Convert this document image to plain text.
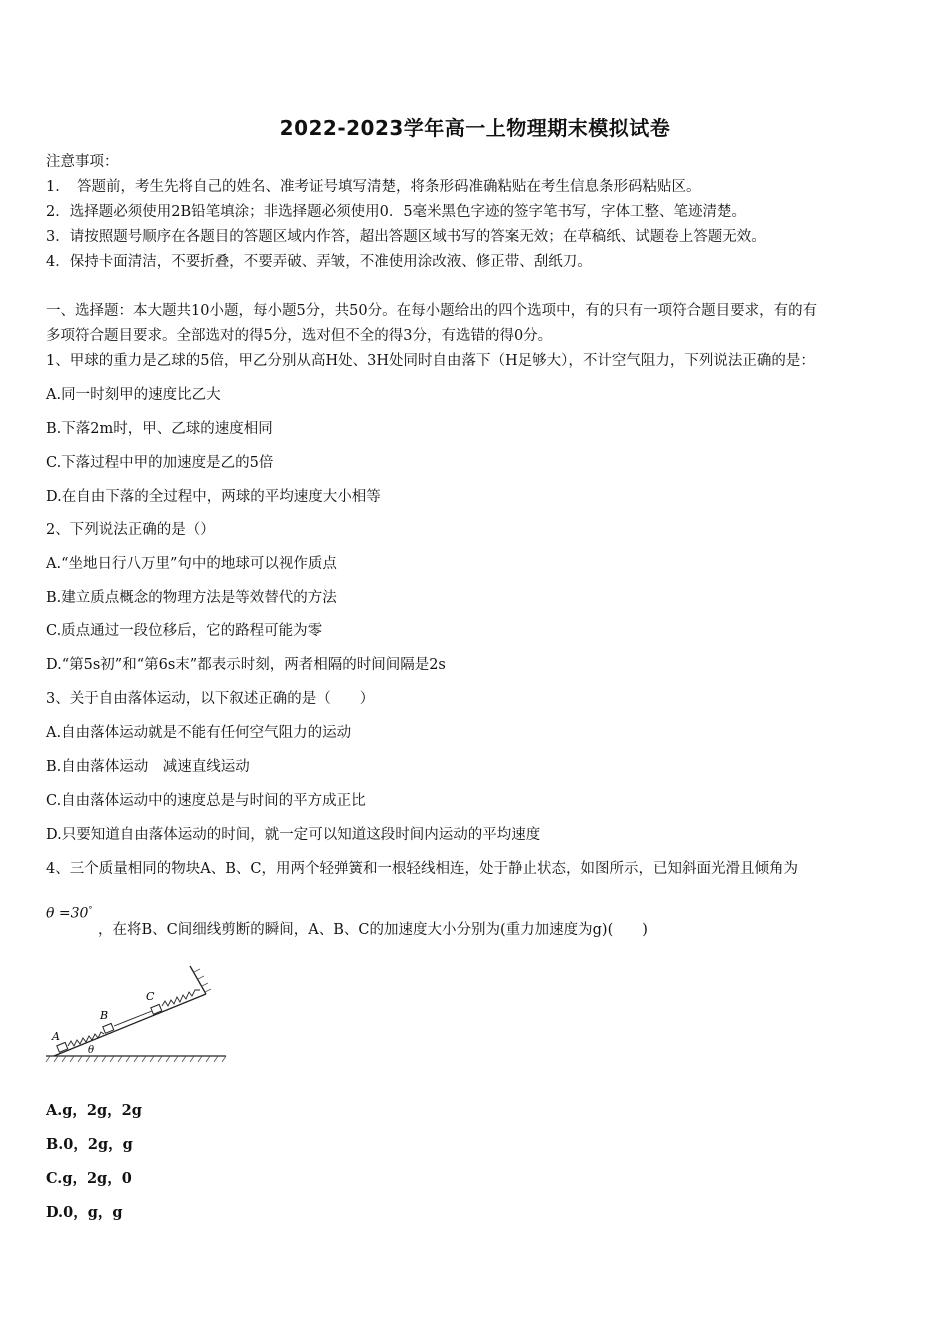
2022-2023学年高一上物理期末模拟试卷
注意事项：
1．　答题前，考生先将自己的姓名、准考证号填写清楚，将条形码准确粘贴在考生信息条形码粘贴区。
2．选择题必须使用2B铅笔填涂；非选择题必须使用0．5毫米黑色字迹的签字笔书写，字体工整、笔迹清楚。
3．请按照题号顺序在各题目的答题区域内作答，超出答题区域书写的答案无效；在草稿纸、试题卷上答题无效。
4．保持卡面清洁，不要折叠，不要弄破、弄皱，不准使用涂改液、修正带、刮纸刀。
一、选择题：本大题共10小题，每小题5分，共50分。在每小题给出的四个选项中，有的只有一项符合题目要求，有的有
多项符合题目要求。全部选对的得5分，选对但不全的得3分，有选错的得0分。
1、甲球的重力是乙球的5倍，甲乙分别从高H处、3H处同时自由落下（H足够大），不计空气阻力，下列说法正确的是：
A.同一时刻甲的速度比乙大
B.下落2m时，甲、乙球的速度相同
C.下落过程中甲的加速度是乙的5倍
D.在自由下落的全过程中，两球的平均速度大小相等
2、下列说法正确的是（）
A.“坐地日行八万里”句中的地球可以视作质点
B.建立质点概念的物理方法是等效替代的方法
C.质点通过一段位移后，它的路程可能为零
D.“第5s初”和“第6s末”都表示时刻，两者相隔的时间间隔是2s
3、关于自由落体运动，以下叙述正确的是（　　）
A.自由落体运动就是不能有任何空气阻力的运动
B.自由落体运动　减速直线运动
C.自由落体运动中的速度总是与时间的平方成正比
D.只要知道自由落体运动的时间，就一定可以知道这段时间内运动的平均速度
4、三个质量相同的物块A、B、C，用两个轻弹簧和一根轻线相连，处于静止状态，如图所示，已知斜面光滑且倾角为
θ =30°
，在将B、C间细线剪断的瞬间，A、B、C的加速度大小分别为(重力加速度为g)(　　)
A
B
C
θ
A.g，2g，2g
B.0，2g，g
C.g，2g，0
D.0，g，g
